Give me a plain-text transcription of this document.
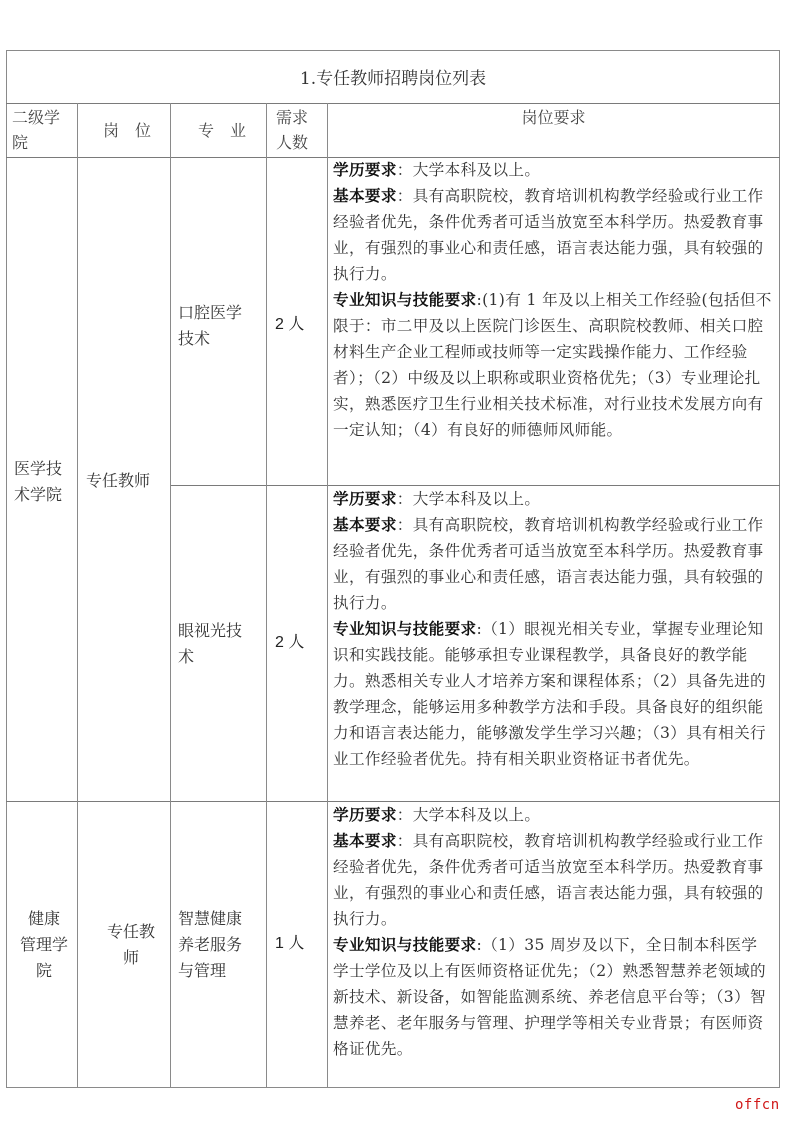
1.专任教师招聘岗位列表
二级学
院
岗　位	专　业
需求
人数
岗位要求
医学技
术学院
专任教师
口腔医学
技术
2 人

学历要求：大学本科及以上。

基本要求：具有高职院校，教育培训机构教学经验或行业工作经验者优先，条件优秀者可适当放宽至本科学历。热爱教育事业，有强烈的事业心和责任感，语言表达能力强，具有较强的执行力。

专业知识与技能要求:(1)有 1 年及以上相关工作经验(包括但不限于：市二甲及以上医院门诊医生、高职院校教师、相关口腔材料生产企业工程师或技师等一定实践操作能力、工作经验者）；（2）中级及以上职称或职业资格优先；（3）专业理论扎实，熟悉医疗卫生行业相关技术标准，对行业技术发展方向有一定认知；（4）有良好的师德师风师能。

眼视光技
术
2 人

学历要求：大学本科及以上。

基本要求：具有高职院校，教育培训机构教学经验或行业工作经验者优先，条件优秀者可适当放宽至本科学历。热爱教育事业，有强烈的事业心和责任感，语言表达能力强，具有较强的执行力。

专业知识与技能要求:（1）眼视光相关专业，掌握专业理论知识和实践技能。能够承担专业课程教学，具备良好的教学能力。熟悉相关专业人才培养方案和课程体系；（2）具备先进的教学理念，能够运用多种教学方法和手段。具备良好的组织能力和语言表达能力，能够激发学生学习兴趣；（3）具有相关行业工作经验者优先。持有相关职业资格证书者优先。

健康
管理学
院
专任教
师
智慧健康
养老服务
与管理
1 人

学历要求：大学本科及以上。

基本要求：具有高职院校，教育培训机构教学经验或行业工作经验者优先，条件优秀者可适当放宽至本科学历。热爱教育事业，有强烈的事业心和责任感，语言表达能力强，具有较强的执行力。

专业知识与技能要求:（1）35 周岁及以下，全日制本科医学学士学位及以上有医师资格证优先；（2）熟悉智慧养老领域的新技术、新设备，如智能监测系统、养老信息平台等；（3）智慧养老、老年服务与管理、护理学等相关专业背景；有医师资格证优先。

offcn
